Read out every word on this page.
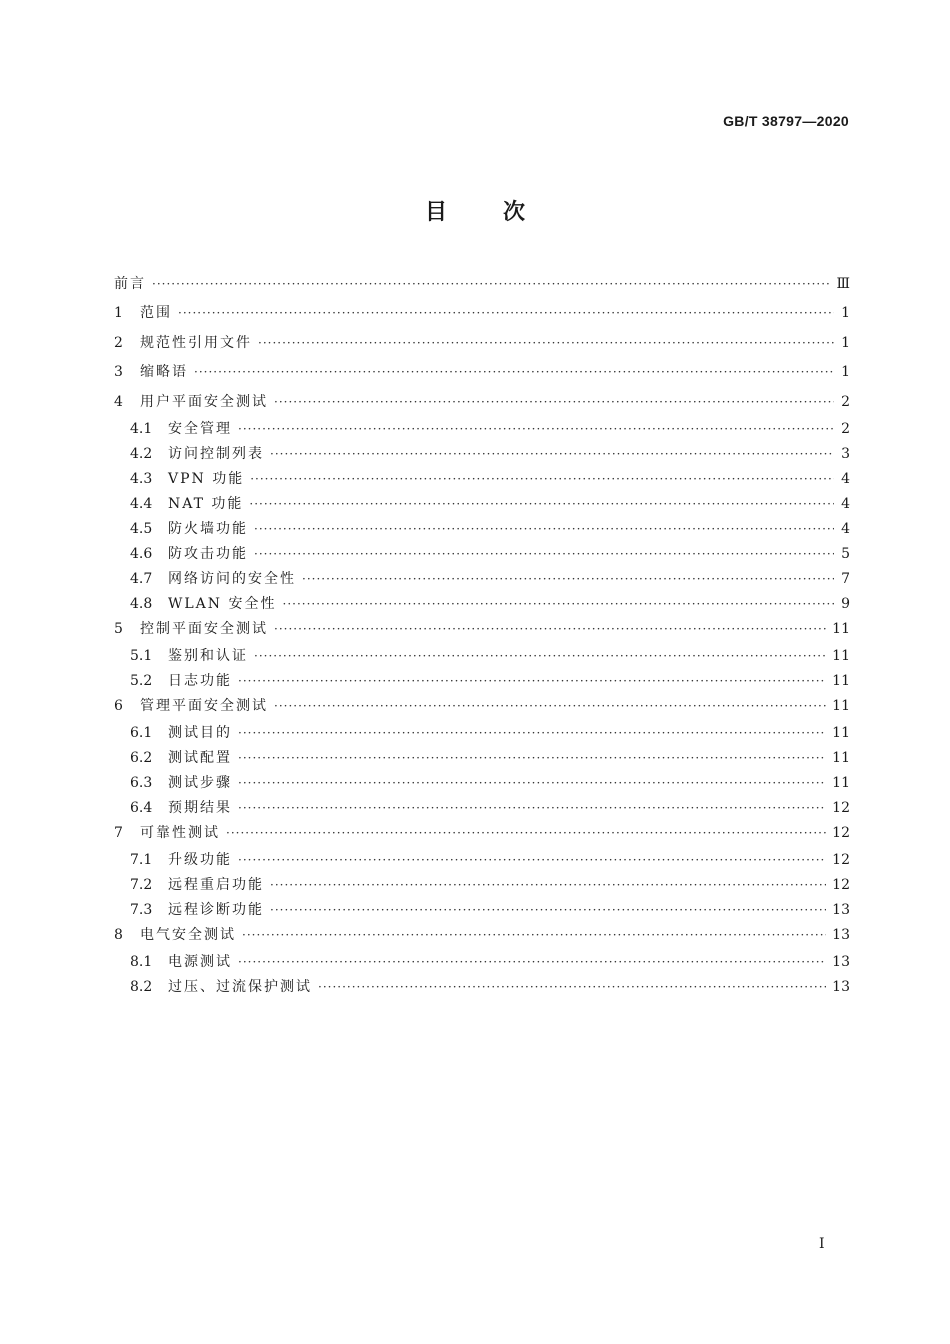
GB/T 38797—2020
目	次
前言 ·····	Ⅲ
1	范围 ·····	1
2	规范性引用文件 ·····	1
3	缩略语 ·····	1
4	用户平面安全测试 ·····	2
4.1	安全管理 ·····	2
4.2	访问控制列表 ·····	3
4.3	VPN 功能 ·····	4
4.4	NAT 功能 ·····	4
4.5	防火墙功能 ·····	4
4.6	防攻击功能 ·····	5
4.7	网络访问的安全性 ·····	7
4.8	WLAN 安全性 ·····	9
5	控制平面安全测试 ·····	11
5.1	鉴别和认证 ·····	11
5.2	日志功能 ·····	11
6	管理平面安全测试 ·····	11
6.1	测试目的 ·····	11
6.2	测试配置 ·····	11
6.3	测试步骤 ·····	11
6.4	预期结果 ·····	12
7	可靠性测试 ·····	12
7.1	升级功能 ·····	12
7.2	远程重启功能 ·····	12
7.3	远程诊断功能 ·····	13
8	电气安全测试 ·····	13
8.1	电源测试 ·····	13
8.2	过压、过流保护测试 ·····	13
I
